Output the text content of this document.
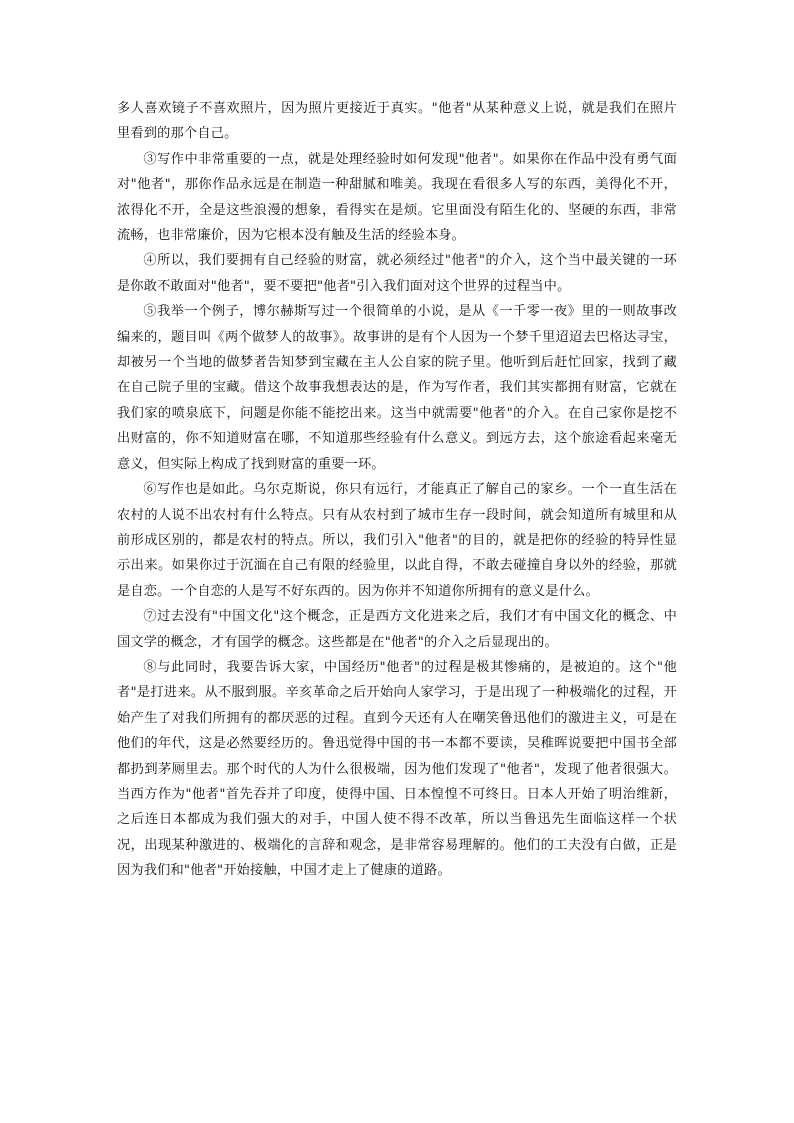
多人喜欢镜子不喜欢照片，因为照片更接近于真实。"他者"从某种意义上说，就是我们在照片里看到的那个自己。

③写作中非常重要的一点，就是处理经验时如何发现"他者"。如果你在作品中没有勇气面对"他者"，那你作品永远是在制造一种甜腻和唯美。我现在看很多人写的东西，美得化不开，浓得化不开，全是这些浪漫的想象，看得实在是烦。它里面没有陌生化的、坚硬的东西，非常流畅，也非常廉价，因为它根本没有触及生活的经验本身。

④所以，我们要拥有自己经验的财富，就必须经过"他者"的介入，这个当中最关键的一环是你敢不敢面对"他者"，要不要把"他者"引入我们面对这个世界的过程当中。

⑤我举一个例子，博尔赫斯写过一个很简单的小说，是从《一千零一夜》里的一则故事改编来的，题目叫《两个做梦人的故事》。故事讲的是有个人因为一个梦千里迢迢去巴格达寻宝，却被另一个当地的做梦者告知梦到宝藏在主人公自家的院子里。他听到后赶忙回家，找到了藏在自己院子里的宝藏。借这个故事我想表达的是，作为写作者，我们其实都拥有财富，它就在我们家的喷泉底下，问题是你能不能挖出来。这当中就需要"他者"的介入。在自己家你是挖不出财富的，你不知道财富在哪，不知道那些经验有什么意义。到远方去，这个旅途看起来毫无意义，但实际上构成了找到财富的重要一环。

⑥写作也是如此。乌尔克斯说，你只有远行，才能真正了解自己的家乡。一个一直生活在农村的人说不出农村有什么特点。只有从农村到了城市生存一段时间，就会知道所有城里和从前形成区别的，都是农村的特点。所以，我们引入"他者"的目的，就是把你的经验的特异性显示出来。如果你过于沉湎在自己有限的经验里，以此自得，不敢去碰撞自身以外的经验，那就是自恋。一个自恋的人是写不好东西的。因为你并不知道你所拥有的意义是什么。

⑦过去没有"中国文化"这个概念，正是西方文化进来之后，我们才有中国文化的概念、中国文学的概念，才有国学的概念。这些都是在"他者"的介入之后显现出的。

⑧与此同时，我要告诉大家，中国经历"他者"的过程是极其惨痛的，是被迫的。这个"他者"是打进来。从不服到服。辛亥革命之后开始向人家学习，于是出现了一种极端化的过程，开始产生了对我们所拥有的都厌恶的过程。直到今天还有人在嘲笑鲁迅他们的激进主义，可是在他们的年代，这是必然要经历的。鲁迅觉得中国的书一本都不要读，吴稚晖说要把中国书全部都扔到茅厕里去。那个时代的人为什么很极端，因为他们发现了"他者"，发现了他者很强大。当西方作为"他者"首先吞并了印度，使得中国、日本惶惶不可终日。日本人开始了明治维新，之后连日本都成为我们强大的对手，中国人使不得不改革，所以当鲁迅先生面临这样一个状况，出现某种激进的、极端化的言辞和观念，是非常容易理解的。他们的工夫没有白做，正是因为我们和"他者"开始接触，中国才走上了健康的道路。
